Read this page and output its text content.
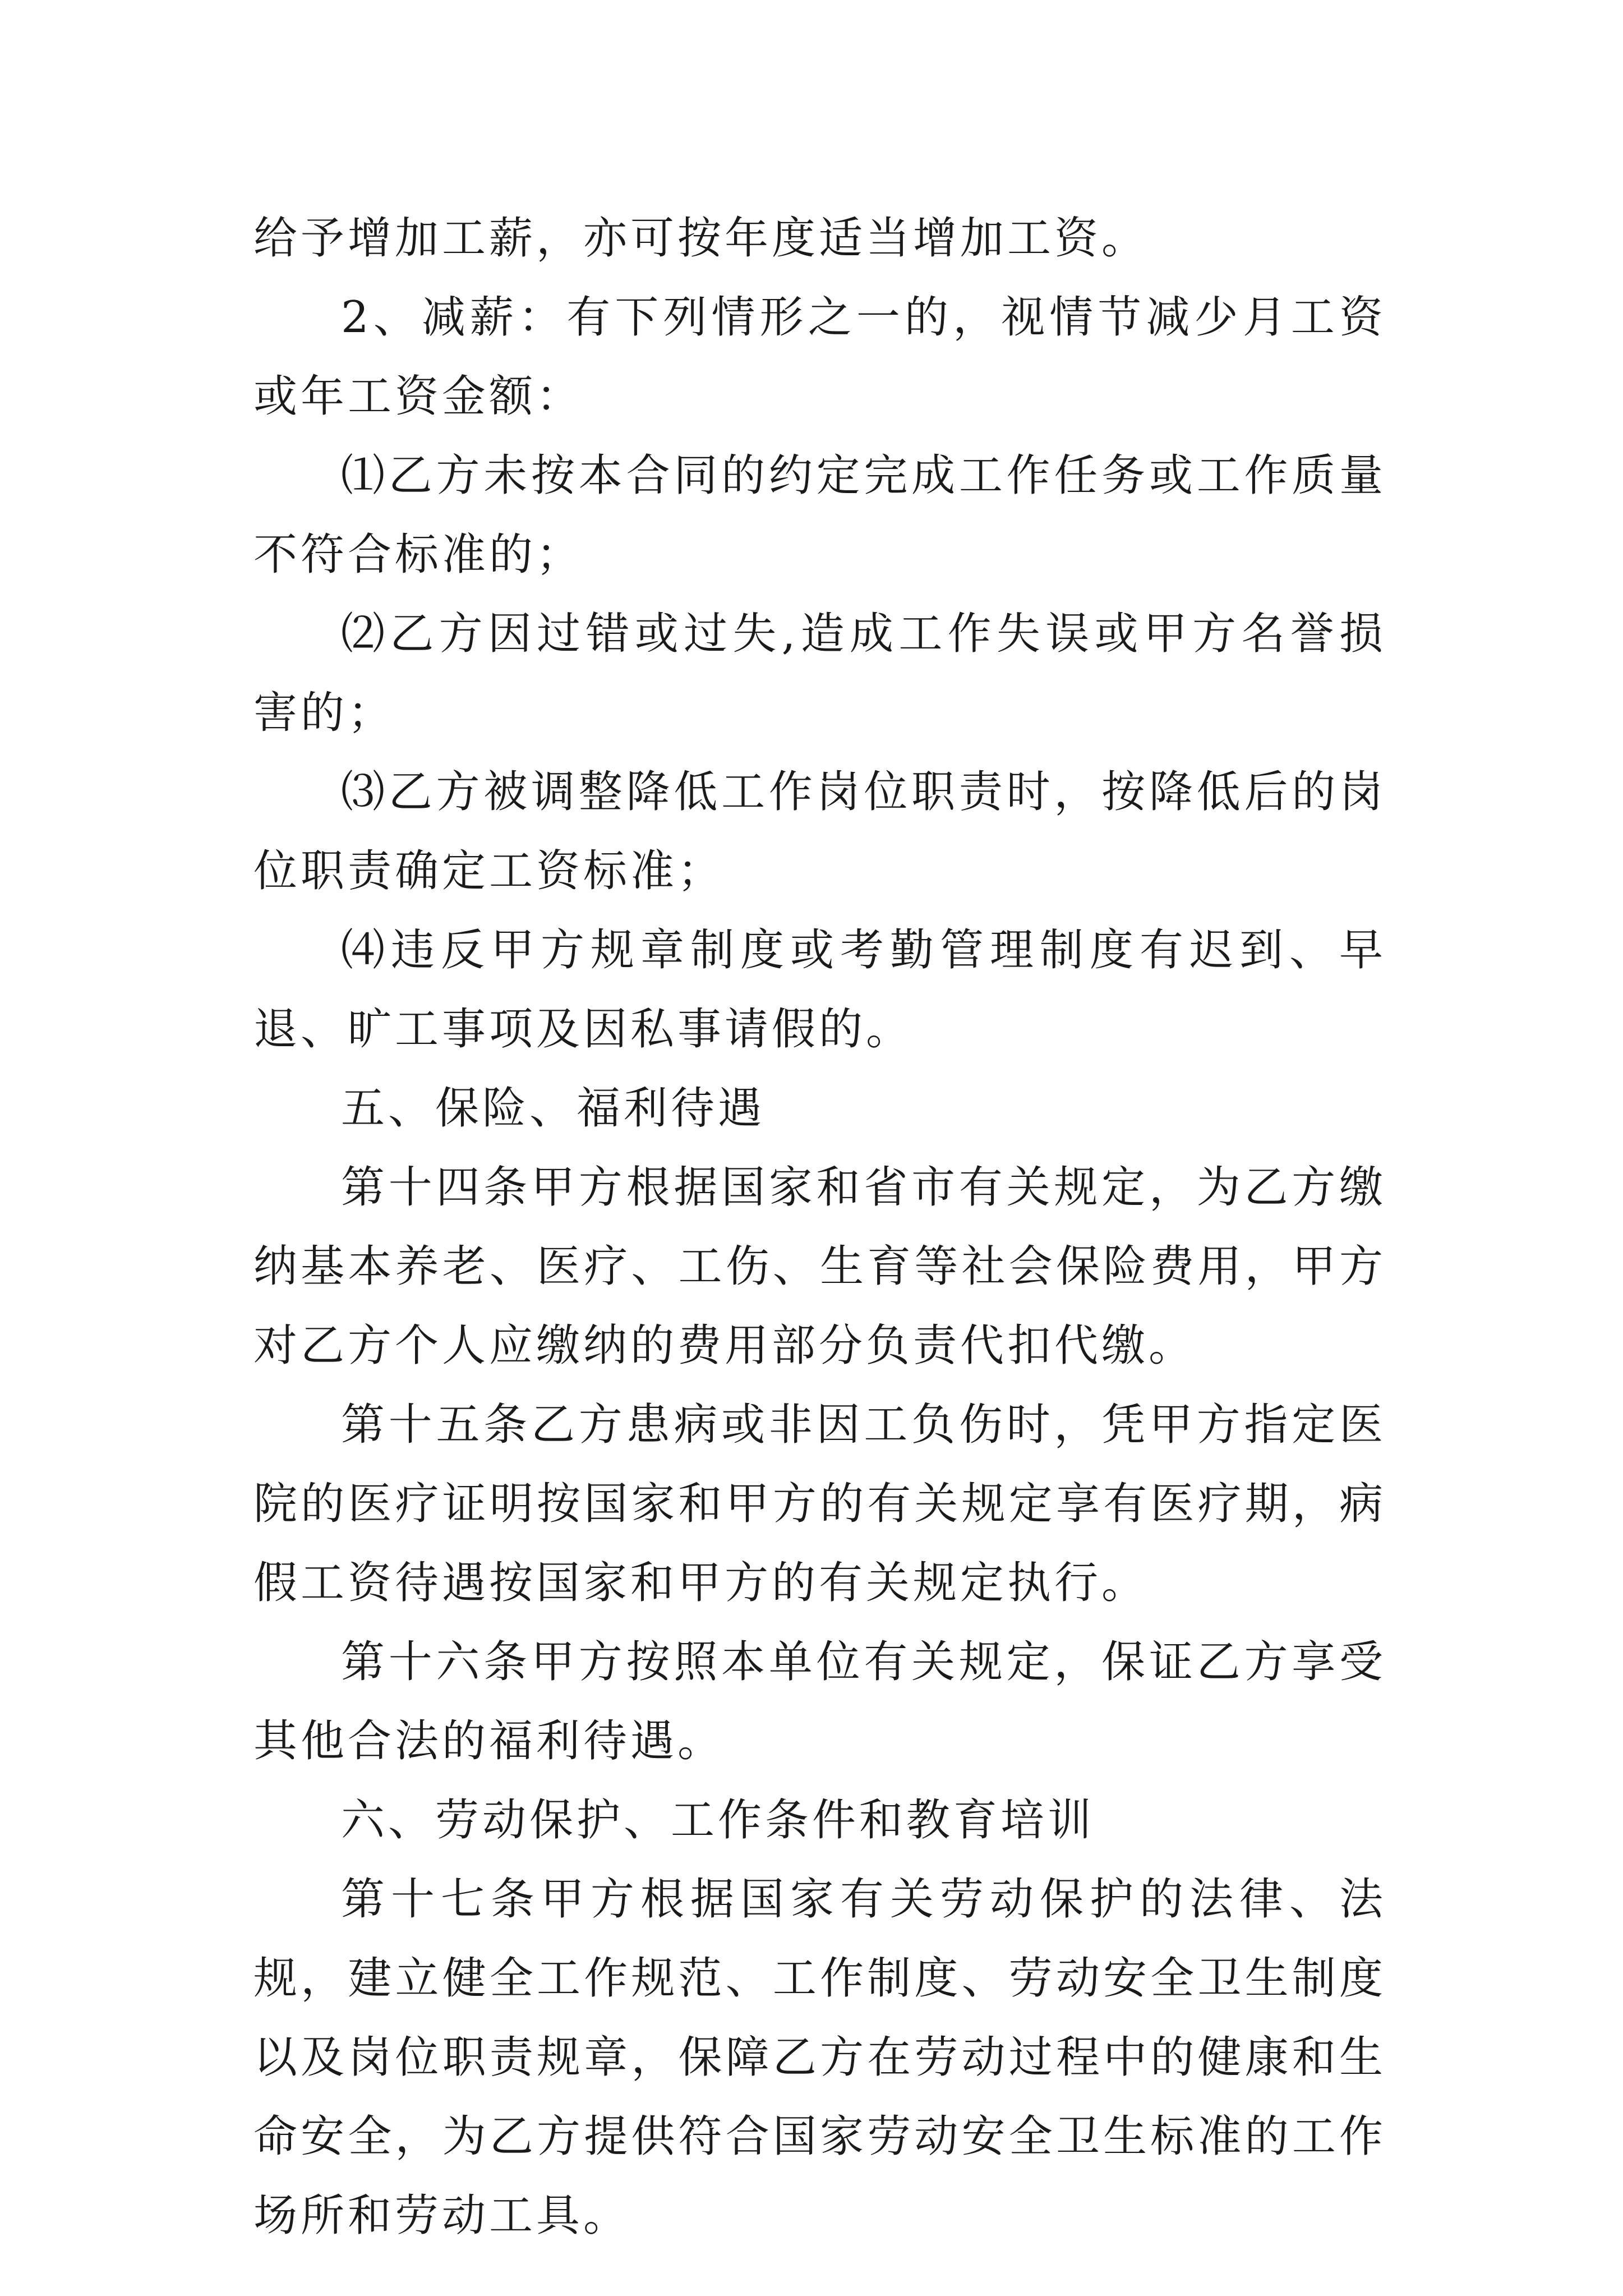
给予增加工薪，亦可按年度适当增加工资。

2、减薪：有下列情形之一的，视情节减少月工资或年工资金额：

⑴乙方未按本合同的约定完成工作任务或工作质量不符合标准的；

⑵乙方因过错或过失,造成工作失误或甲方名誉损害的；

⑶乙方被调整降低工作岗位职责时，按降低后的岗位职责确定工资标准；

⑷违反甲方规章制度或考勤管理制度有迟到、早退、旷工事项及因私事请假的。

五、保险、福利待遇

第十四条甲方根据国家和省市有关规定，为乙方缴纳基本养老、医疗、工伤、生育等社会保险费用，甲方对乙方个人应缴纳的费用部分负责代扣代缴。

第十五条乙方患病或非因工负伤时，凭甲方指定医院的医疗证明按国家和甲方的有关规定享有医疗期，病假工资待遇按国家和甲方的有关规定执行。

第十六条甲方按照本单位有关规定，保证乙方享受其他合法的福利待遇。

六、劳动保护、工作条件和教育培训

第十七条甲方根据国家有关劳动保护的法律、法规，建立健全工作规范、工作制度、劳动安全卫生制度以及岗位职责规章，保障乙方在劳动过程中的健康和生命安全，为乙方提供符合国家劳动安全卫生标准的工作场所和劳动工具。
